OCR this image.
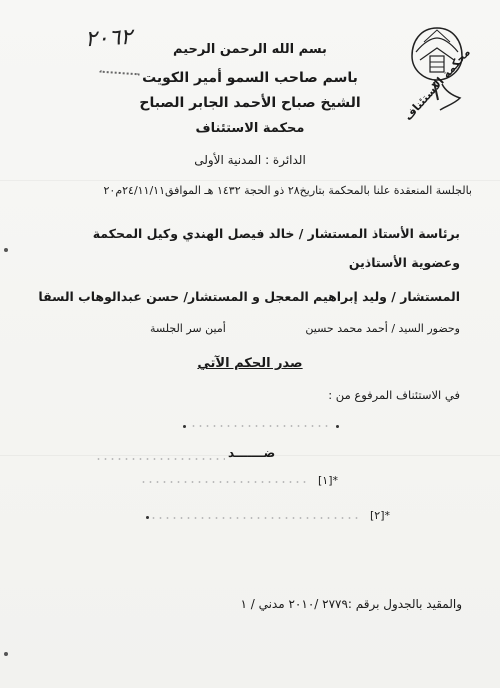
٢٠٦٢
محكمة الاستئناف
بسم الله الرحمن الرحيم
باسم صاحب السمو أمير الكويت
الشيخ صباح الأحمد الجابر الصباح
محكمة الاستئناف
الدائرة : المدنية الأولى
بالجلسة المنعقدة علنا بالمحكمة بتاريخ٢٨ ذو الحجة ١٤٣٢ هـ الموافق٢٤/١١/١١م٢٠
برئاسة الأستاذ المستشار / خالد فيصل الهندي وكيل المحكمة
وعضوية الأستاذين
المستشار / وليد إبراهيم المعجل و المستشار/ حسن عبدالوهاب السقا
وحضور السيد / أحمد محمد حسين
أمين سر الجلسة
صدر الحكم الآتي
في الاستئناف المرفوع من :
ضـــــــد
*[١]
*[٢]
والمقيد بالجدول برقم :٢٧٧٩ /٢٠١٠ مدني / ١
